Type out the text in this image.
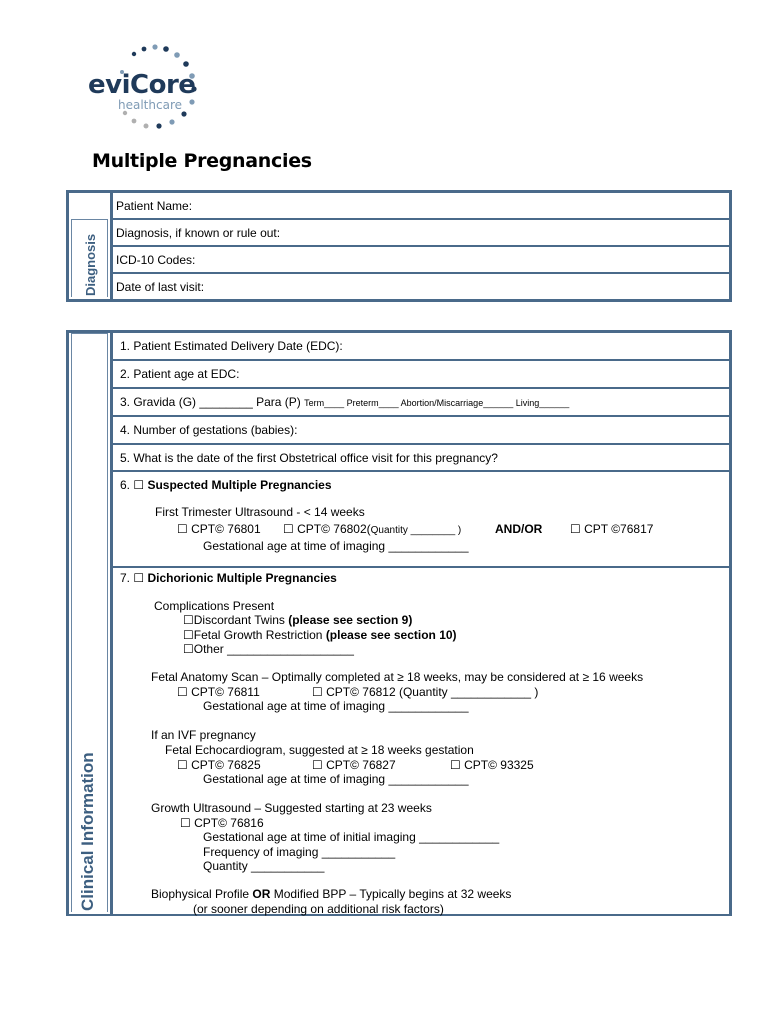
eviCore
healthcare
Multiple Pregnancies
Diagnosis
Patient Name:
Diagnosis, if known or rule out:
ICD-10 Codes:
Date of last visit:
Clinical Information
1. Patient Estimated Delivery Date (EDC):
2. Patient age at EDC:
3. Gravida (G) ________ Para (P) Term____ Preterm____ Abortion/Miscarriage______ Living______
4. Number of gestations (babies):
5. What is the date of the first Obstetrical office visit for this pregnancy?
6. ☐ Suspected Multiple Pregnancies
First Trimester Ultrasound - < 14 weeks
☐ CPT© 76801 ☐ CPT© 76802(Quantity ________ )	AND/OR ☐ CPT ©76817
Gestational age at time of imaging ____________
7. ☐ Dichorionic Multiple Pregnancies
Complications Present
☐Discordant Twins (please see section 9)
☐Fetal Growth Restriction (please see section 10)
☐Other ___________________
Fetal Anatomy Scan – Optimally completed at ≥ 18 weeks, may be considered at ≥ 16 weeks
☐ CPT© 76811	☐ CPT© 76812 (Quantity ____________ )
Gestational age at time of imaging ____________
If an IVF pregnancy
Fetal Echocardiogram, suggested at ≥ 18 weeks gestation
☐ CPT© 76825	☐ CPT© 76827	☐ CPT© 93325
Gestational age at time of imaging ____________
Growth Ultrasound – Suggested starting at 23 weeks
☐ CPT© 76816
Gestational age at time of initial imaging ____________
Frequency of imaging ___________
Quantity ___________
Biophysical Profile OR Modified BPP – Typically begins at 32 weeks
(or sooner depending on additional risk factors)
